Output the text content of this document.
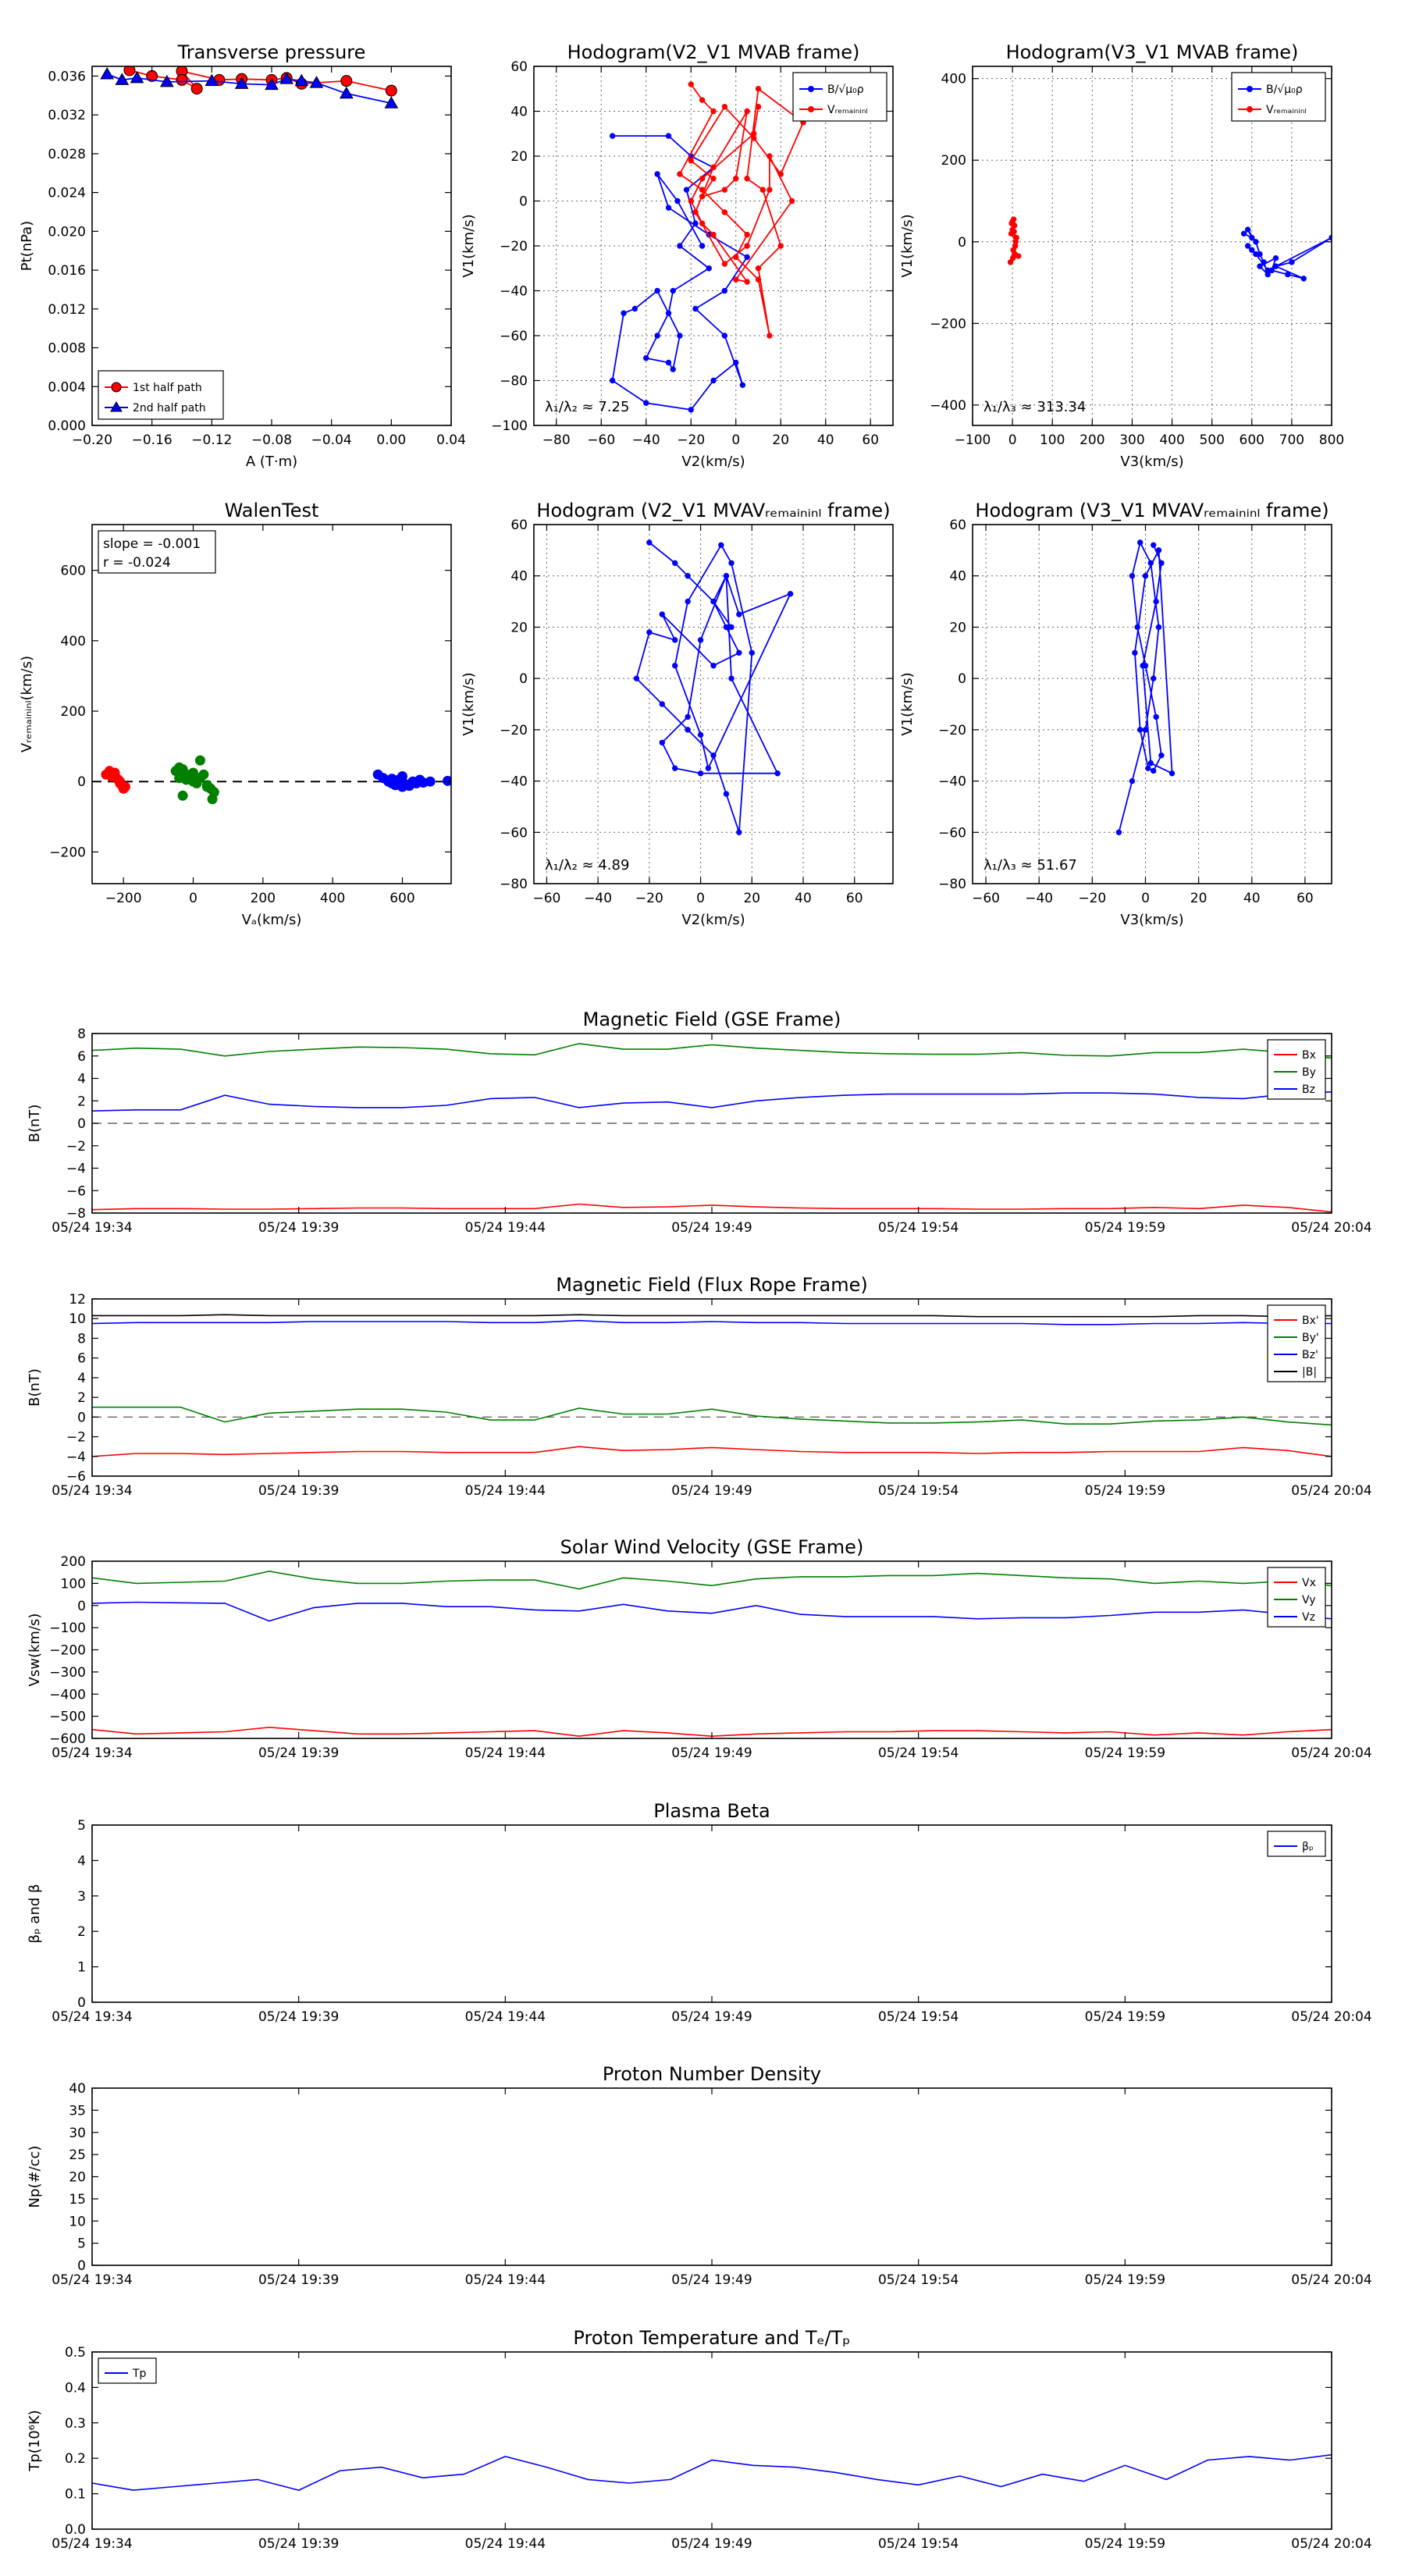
Transverse pressure
0.000
0.004
0.008
0.012
0.016
0.020
0.024
0.028
0.032
0.036
−0.20 −0.16 −0.12 −0.08 −0.04 0.00 0.04
A (T·m)
Pt(nPa)
1st half path
2nd half path
Hodogram(V2_V1 MVAB frame)
−100
−80
−60
−40
−20
0
20
40
60
−80 −60 −40 −20 0 20 40 60
V2(km/s)
V1(km/s)
λ₁/λ₂ ≈ 7.25
B/√μ₀ρ
Vᵣₑₘₐᵢₙᵢₙₗ
Hodogram(V3_V1 MVAB frame)
−400
−200
0
200
400
−100 0 100 200 300 400 500 600 700 800
V3(km/s)
V1(km/s)
λ₁/λ₃ ≈ 313.34
B/√μ₀ρ
Vᵣₑₘₐᵢₙᵢₙₗ
WalenTest
−200
0
200
400
600
−200	0	200	400	600
Vₐ(km/s)
Vᵣₑₘₐᵢₙᵢₙₗ(km/s)
slope = -0.001
r = -0.024
Hodogram (V2_V1 MVAVᵣₑₘₐᵢₙᵢₙₗ frame)
−80
−60
−40
−20
0
20
40
60
−60 −40 −20 0	20	40	60
V2(km/s)
V1(km/s)
λ₁/λ₂ ≈ 4.89
Hodogram (V3_V1 MVAVᵣₑₘₐᵢₙᵢₙₗ frame)
−80
−60
−40
−20
0
20
40
60
−60 −40 −20	0	20	40	60
V3(km/s)
V1(km/s)
λ₁/λ₃ ≈ 51.67
Magnetic Field (GSE Frame)
−8
−6
−4
−2
0
2
4
6
8
05/24 19:34	05/24 19:39	05/24 19:44	05/24 19:49	05/24 19:54	05/24 19:59	05/24 20:04
B(nT)
Bx
By
Bz
Magnetic Field (Flux Rope Frame)
−6
−4
−2
0
2
4
6
8
10
12
05/24 19:34	05/24 19:39	05/24 19:44	05/24 19:49	05/24 19:54	05/24 19:59	05/24 20:04
B(nT)
Bx'
By'
Bz'
|B|
Solar Wind Velocity (GSE Frame)
−600
−500
−400
−300
−200
−100
0
100
200
05/24 19:34	05/24 19:39	05/24 19:44	05/24 19:49	05/24 19:54	05/24 19:59	05/24 20:04
Vsw(km/s)
Vx
Vy
Vz
Plasma Beta
0
1
2
3
4
5
05/24 19:34	05/24 19:39	05/24 19:44	05/24 19:49	05/24 19:54	05/24 19:59	05/24 20:04
βₚ and β
βₚ
Proton Number Density
0
5
10
15
20
25
30
35
40
05/24 19:34	05/24 19:39	05/24 19:44	05/24 19:49	05/24 19:54	05/24 19:59	05/24 20:04
Np(#/cc)
Proton Temperature and Tₑ/Tₚ
0.0
0.1
0.2
0.3
0.4
0.5
05/24 19:34	05/24 19:39	05/24 19:44	05/24 19:49	05/24 19:54	05/24 19:59	05/24 20:04
Tp(10⁶K)
Tp
